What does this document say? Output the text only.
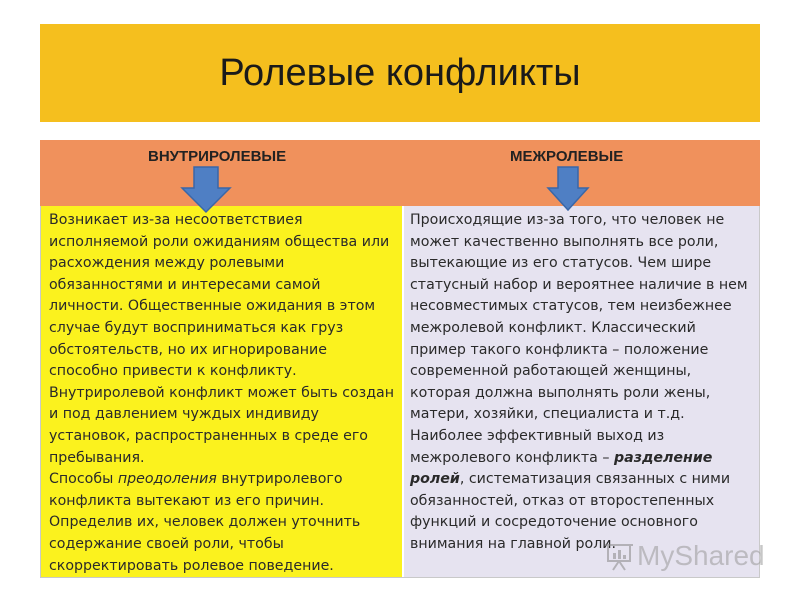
Ролевые конфликты
ВНУТРИРОЛЕВЫЕ	МЕЖРОЛЕВЫЕ

Возникает из-за несоответствиея исполняемой роли ожиданиям общества или расхождения между ролевыми обязанностями и интересами самой личности. Общественные ожидания в этом случае будут восприниматься как груз обстоятельств, но их игнорирование способно привести к конфликту. Внутриролевой конфликт может быть создан и под давлением чуждых индивиду установок, распространенных в среде его пребывания.

Способы преодоления внутриролевого конфликта вытекают из его причин. Определив их, человек должен уточнить содержание своей роли, чтобы скорректировать ролевое поведение.

Происходящие из-за того, что человек не может качественно выполнять все роли, вытекающие из его статусов. Чем шире статусный набор и вероятнее наличие в нем несовместимых статусов, тем неизбежнее межролевой конфликт. Классический пример такого конфликта – положение современной работающей женщины, которая должна выполнять роли жены, матери, хозяйки, специалиста и т.д. Наиболее эффективный выход из межролевого конфликта – разделение ролей, систематизация связанных с ними обязанностей, отказ от второстепенных функций и сосредоточение основного внимания на главной роли. MyShared
